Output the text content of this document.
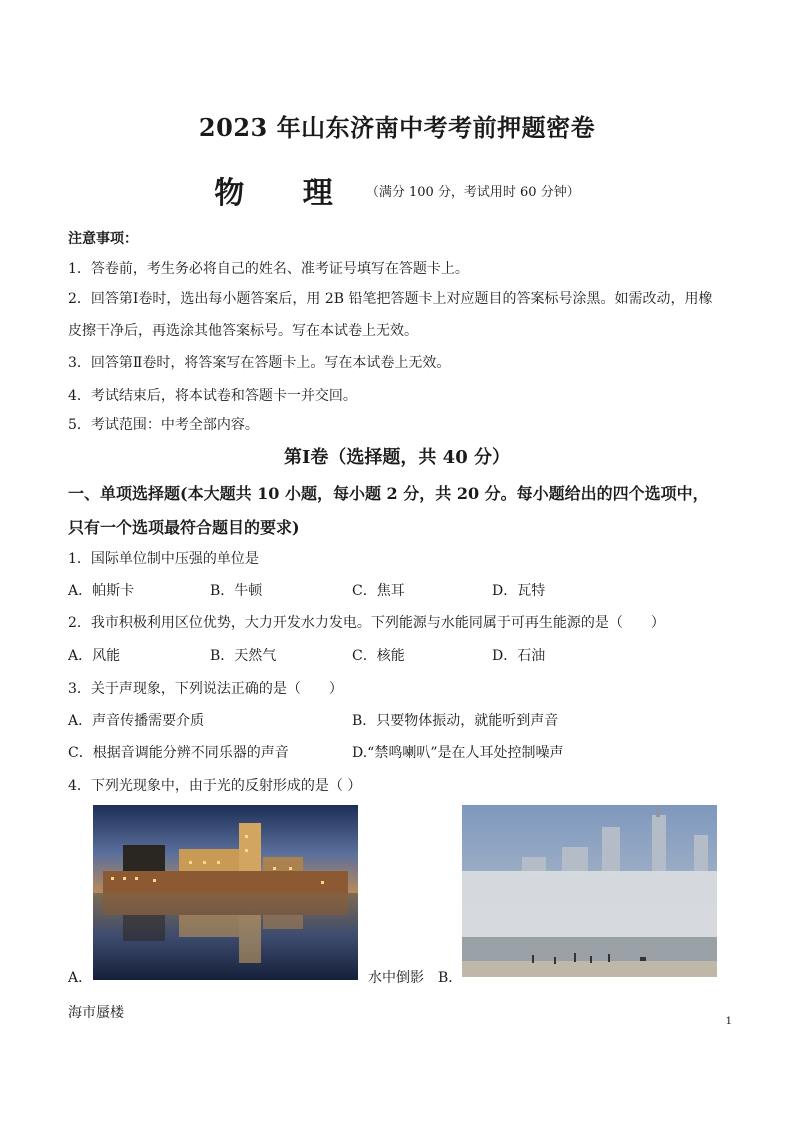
2023 年山东济南中考考前押题密卷
物 理 （满分 100 分，考试用时 60 分钟）
注意事项：
1．答卷前，考生务必将自己的姓名、准考证号填写在答题卡上。
2．回答第Ⅰ卷时，选出每小题答案后，用 2B 铅笔把答题卡上对应题目的答案标号涂黑。如需改动，用橡
皮擦干净后，再选涂其他答案标号。写在本试卷上无效。
3．回答第Ⅱ卷时，将答案写在答题卡上。写在本试卷上无效。
4．考试结束后，将本试卷和答题卡一并交回。
5．考试范围：中考全部内容。
第Ⅰ卷（选择题，共 40 分）
一、单项选择题(本大题共 10 小题，每小题 2 分，共 20 分。每小题给出的四个选项中，
只有一个选项最符合题目的要求)
1．国际单位制中压强的单位是
A．帕斯卡	B．牛顿	C．焦耳	D．瓦特
2．我市积极利用区位优势，大力开发水力发电。下列能源与水能同属于可再生能源的是（　　）
A．风能	B．天然气	C．核能	D．石油
3．关于声现象，下列说法正确的是（　　）
A．声音传播需要介质	B．只要物体振动，就能听到声音
C．根据音调能分辨不同乐器的声音	D.“禁鸣喇叭”是在人耳处控制噪声
4．下列光现象中，由于光的反射形成的是（ ）
A．	水中倒影 B．
海市蜃楼
1
